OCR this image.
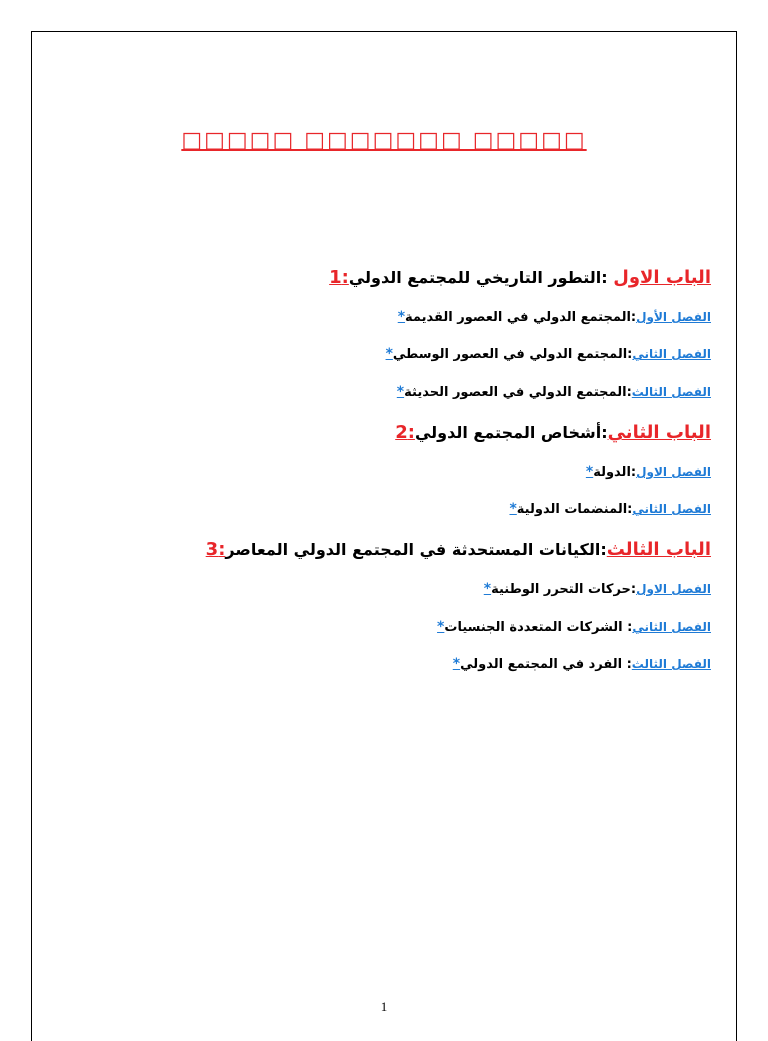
□□□□□ □□□□□□□ □□□□□
الباب الاول :التطور التاريخي للمجتمع الدولي:1
الفصل الأول:المجتمع الدولي في العصور القديمة*
الفصل الثاني:المجتمع الدولي في العصور الوسطي*
الفصل الثالث:المجتمع الدولي في العصور الحديثة*
الباب الثاني:أشخاص المجتمع الدولي:2
الفصل الاول:الدولة*
الفصل الثاني:المنضمات الدولية*
الباب الثالث:الكيانات المستحدثة في المجتمع الدولي المعاصر:3
الفصل الاول:حركات التحرر الوطنية*
الفصل الثاني: الشركات المتعددة الجنسيات*
الفصل الثالث: الفرد في المجتمع الدولي*
1
